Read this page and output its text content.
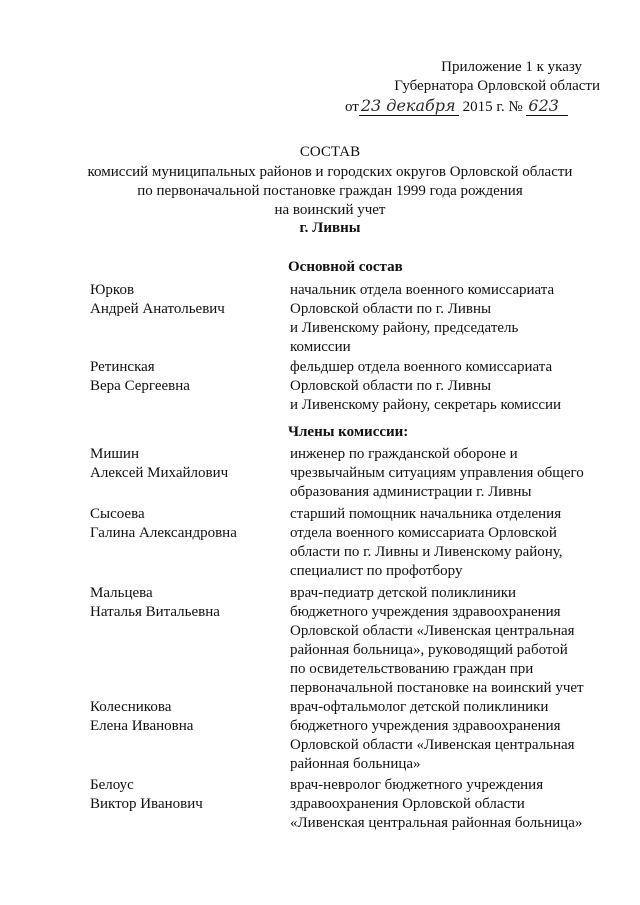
Приложение 1 к указу
Губернатора Орловской области
от 23 декабря 2015 г. № 623
СОСТАВ
комиссий муниципальных районов и городских округов Орловской области
по первоначальной постановке граждан 1999 года рождения
на воинский учет
г. Ливны
Основной состав
Юрков
Андрей Анатольевич
начальник отдела военного комиссариата
Орловской области по г. Ливны
и Ливенскому району, председатель
комиссии
Ретинская
Вера Сергеевна
фельдшер отдела военного комиссариата
Орловской области по г. Ливны
и Ливенскому району, секретарь комиссии
Члены комиссии:
Мишин
Алексей Михайлович
инженер по гражданской обороне и
чрезвычайным ситуациям управления общего
образования администрации г. Ливны
Сысоева
Галина Александровна
старший помощник начальника отделения
отдела военного комиссариата Орловской
области по г. Ливны и Ливенскому району,
специалист по профотбору
Мальцева
Наталья Витальевна
врач-педиатр детской поликлиники
бюджетного учреждения здравоохранения
Орловской области «Ливенская центральная
районная больница», руководящий работой
по освидетельствованию граждан при
первоначальной постановке на воинский учет
Колесникова
Елена Ивановна
врач-офтальмолог детской поликлиники
бюджетного учреждения здравоохранения
Орловской области «Ливенская центральная
районная больница»
Белоус
Виктор Иванович
врач-невролог бюджетного учреждения
здравоохранения Орловской области
«Ливенская центральная районная больница»
